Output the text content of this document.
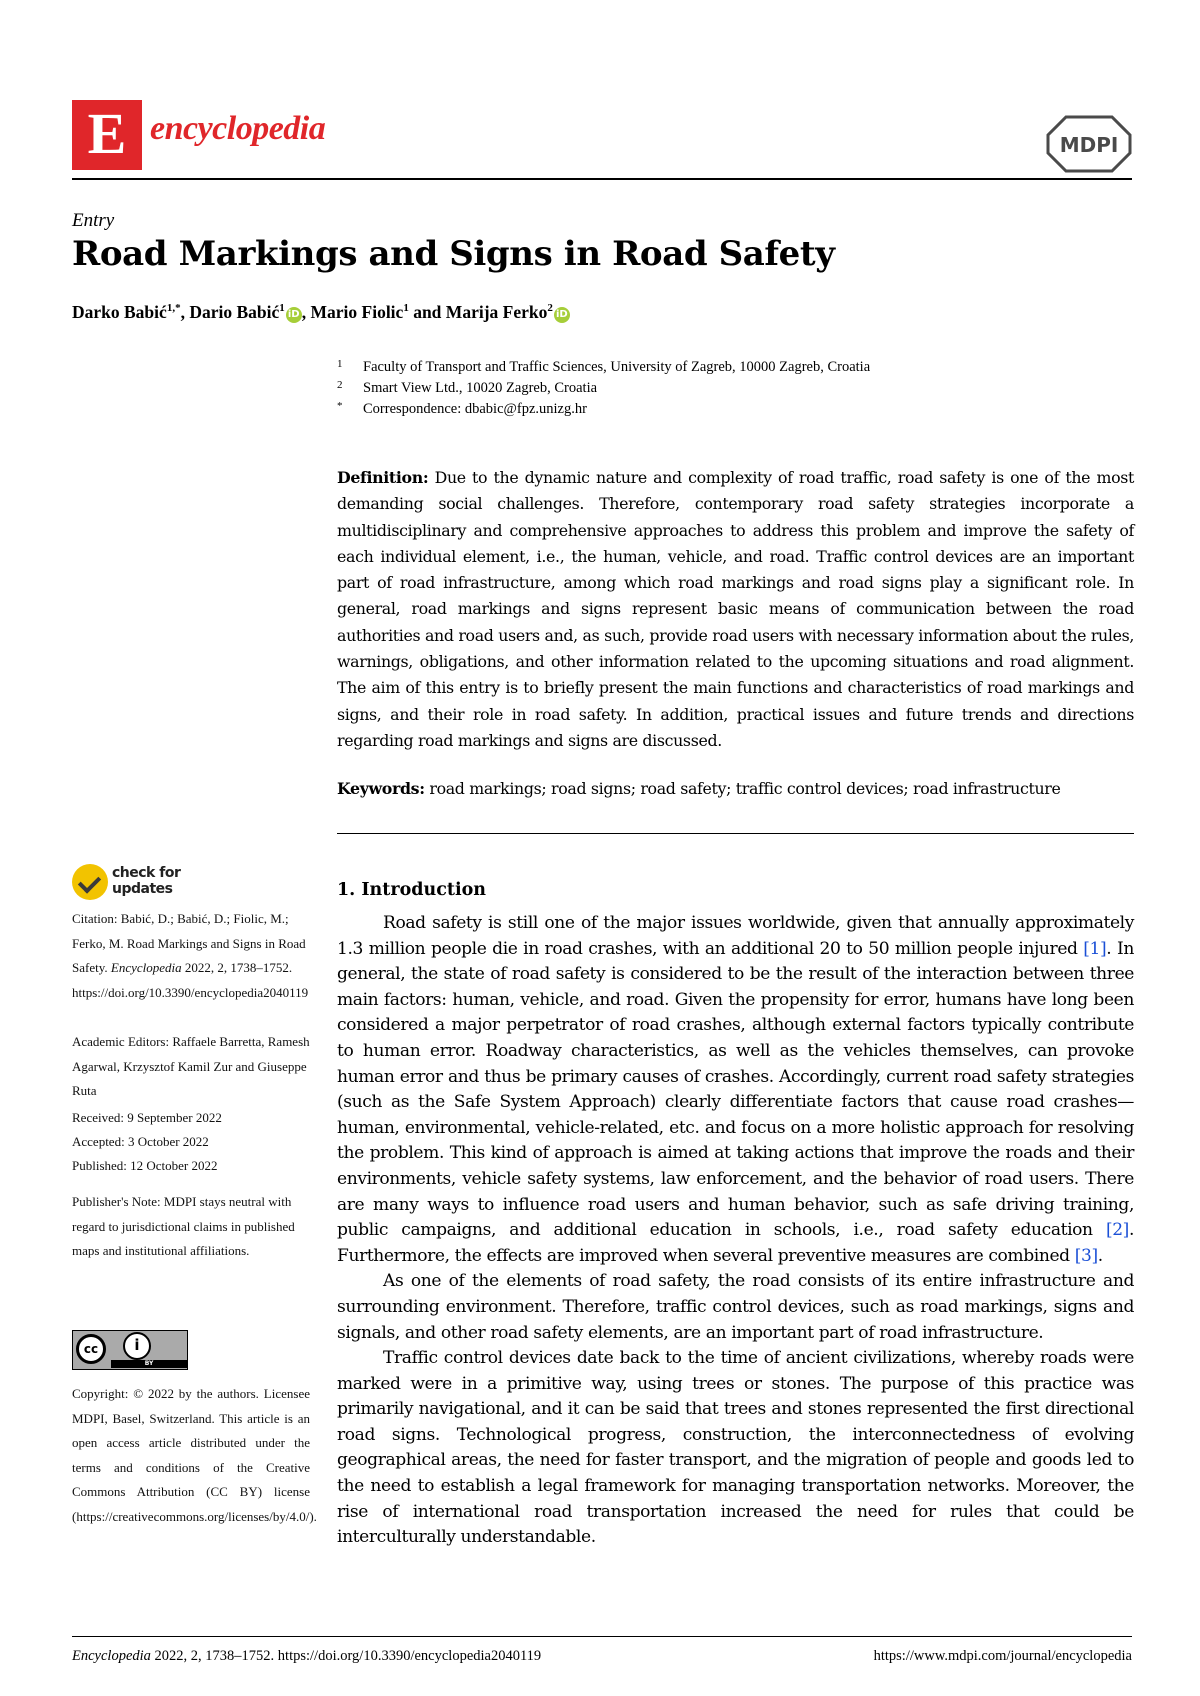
E encyclopedia	MDPI
Entry
Road Markings and Signs in Road Safety
Darko Babić$^{1,*}$, Dario Babić$^1$iD , Mario Fiolic$^1$ and Marija Ferko$^2$iD
1 Faculty of Transport and Traffic Sciences, University of Zagreb, 10000 Zagreb, Croatia
2 Smart View Ltd., 10020 Zagreb, Croatia
* Correspondence: dbabic@fpz.unizg.hr
Definition: Due to the dynamic nature and complexity of road traffic, road safety is one of the most demanding social challenges. Therefore, contemporary road safety strategies incorporate a multidisciplinary and comprehensive approaches to address this problem and improve the safety of each individual element, i.e., the human, vehicle, and road. Traffic control devices are an important part of road infrastructure, among which road markings and road signs play a significant role. In general, road markings and signs represent basic means of communication between the road authorities and road users and, as such, provide road users with necessary information about the rules, warnings, obligations, and other information related to the upcoming situations and road alignment. The aim of this entry is to briefly present the main functions and characteristics of road markings and signs, and their role in road safety. In addition, practical issues and future trends and directions regarding road markings and signs are discussed.
Keywords: road markings; road signs; road safety; traffic control devices; road infrastructure
check for
updates
Citation: Babić, D.; Babić, D.; Fiolic, M.; Ferko, M. Road Markings and Signs in Road Safety. Encyclopedia 2022, 2, 1738–1752. https://doi.org/10.3390/encyclopedia2040119
Academic Editors: Raffaele Barretta, Ramesh Agarwal, Krzysztof Kamil Zur and Giuseppe Ruta
Received: 9 September 2022
Accepted: 3 October 2022
Published: 12 October 2022
Publisher's Note: MDPI stays neutral with regard to jurisdictional claims in published maps and institutional affiliations.
cc	i
BY
Copyright: © 2022 by the authors. Licensee MDPI, Basel, Switzerland. This article is an open access article distributed under the terms and conditions of the Creative Commons Attribution (CC BY) license (https://creativecommons.org/licenses/by/4.0/).
1. Introduction

Road safety is still one of the major issues worldwide, given that annually approximately 1.3 million people die in road crashes, with an additional 20 to 50 million people injured [1]. In general, the state of road safety is considered to be the result of the interaction between three main factors: human, vehicle, and road. Given the propensity for error, humans have long been considered a major perpetrator of road crashes, although external factors typically contribute to human error. Roadway characteristics, as well as the vehicles themselves, can provoke human error and thus be primary causes of crashes. Accordingly, current road safety strategies (such as the Safe System Approach) clearly differentiate factors that cause road crashes—human, environmental, vehicle-related, etc. and focus on a more holistic approach for resolving the problem. This kind of approach is aimed at taking actions that improve the roads and their environments, vehicle safety systems, law enforcement, and the behavior of road users. There are many ways to influence road users and human behavior, such as safe driving training, public campaigns, and additional education in schools, i.e., road safety education [2]. Furthermore, the effects are improved when several preventive measures are combined [3].

As one of the elements of road safety, the road consists of its entire infrastructure and surrounding environment. Therefore, traffic control devices, such as road markings, signs and signals, and other road safety elements, are an important part of road infrastructure.

Traffic control devices date back to the time of ancient civilizations, whereby roads were marked were in a primitive way, using trees or stones. The purpose of this practice was primarily navigational, and it can be said that trees and stones represented the first directional road signs. Technological progress, construction, the interconnectedness of evolving geographical areas, the need for faster transport, and the migration of people and goods led to the need to establish a legal framework for managing transportation networks. Moreover, the rise of international road transportation increased the need for rules that could be interculturally understandable.

Encyclopedia 2022, 2, 1738–1752. https://doi.org/10.3390/encyclopedia2040119	https://www.mdpi.com/journal/encyclopedia
